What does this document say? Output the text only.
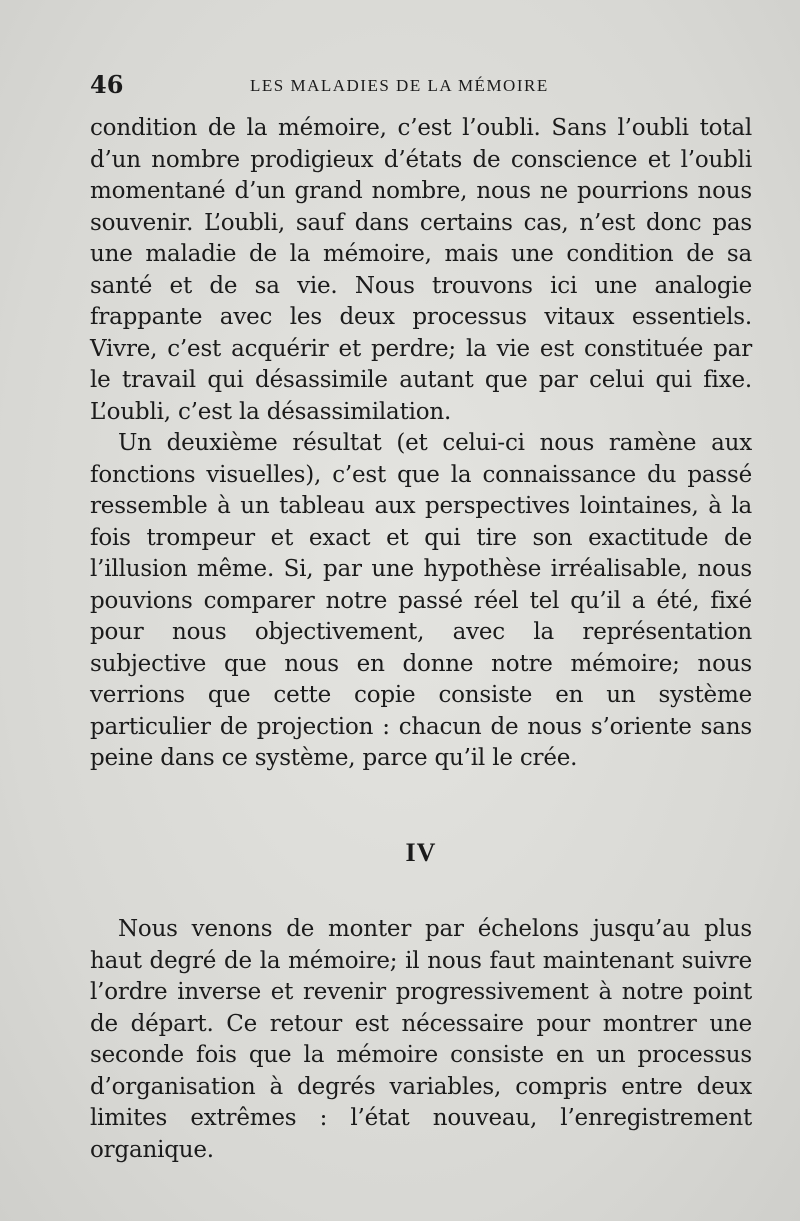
46	LES MALADIES DE LA MÉMOIRE

condition de la mémoire, c’est l’oubli. Sans l’oubli total d’un nombre prodigieux d’états de conscience et l’oubli momentané d’un grand nombre, nous ne pourrions nous souvenir. L’oubli, sauf dans certains cas, n’est donc pas une maladie de la mémoire, mais une condition de sa santé et de sa vie. Nous trouvons ici une analogie frappante avec les deux processus vitaux essentiels. Vivre, c’est acquérir et perdre; la vie est constituée par le travail qui désassimile autant que par celui qui fixe. L’oubli, c’est la désassimilation.

Un deuxième résultat (et celui-ci nous ramène aux fonctions visuelles), c’est que la connaissance du passé ressemble à un tableau aux perspectives lointaines, à la fois trompeur et exact et qui tire son exactitude de l’illusion même. Si, par une hypothèse irréalisable, nous pouvions comparer notre passé réel tel qu’il a été, fixé pour nous objectivement, avec la représentation subjective que nous en donne notre mémoire; nous verrions que cette copie consiste en un système particulier de projection : chacun de nous s’oriente sans peine dans ce système, parce qu’il le crée.

IV

Nous venons de monter par échelons jusqu’au plus haut degré de la mémoire; il nous faut maintenant suivre l’ordre inverse et revenir progressivement à notre point de départ. Ce retour est nécessaire pour montrer une seconde fois que la mémoire consiste en un processus d’organisation à degrés variables, compris entre deux limites extrêmes : l’état nouveau, l’enregistrement organique.
